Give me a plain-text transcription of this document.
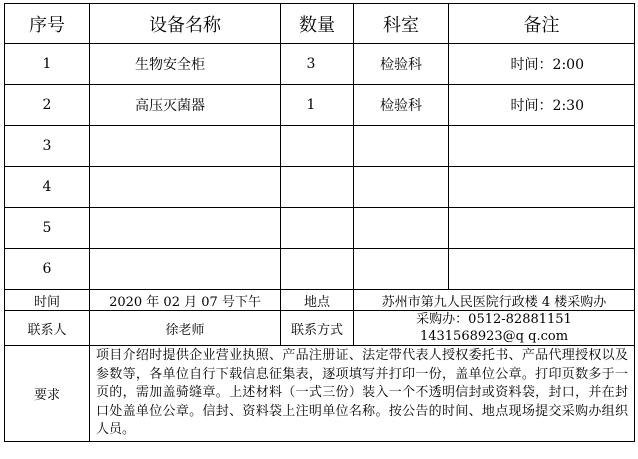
序号	设备名称	数量	科室	备注
1	生物安全柜	3	检验科	时间：2:00
2	高压灭菌器	1	检验科	时间：2:30
3				
4				
5				
6				
时间	2020 年 02 月 07 号下午	地点	苏州市第九人民医院行政楼 4 楼采购办	
联系人	徐老师	联系方式	采购办：0512-82881151
1431568923@q q.com	

要求	项目介绍时提供企业营业执照、产品注册证、法定带代表人授权委托书、产品代理授权以及参数等，各单位自行下载信息征集表，逐项填写并打印一份，盖单位公章。打印页数多于一页的，需加盖骑缝章。上述材料（一式三份）装入一个不透明信封或资料袋，封口，并在封口处盖单位公章。信封、资料袋上注明单位名称。按公告的时间、地点现场提交采购办组织人员。			
